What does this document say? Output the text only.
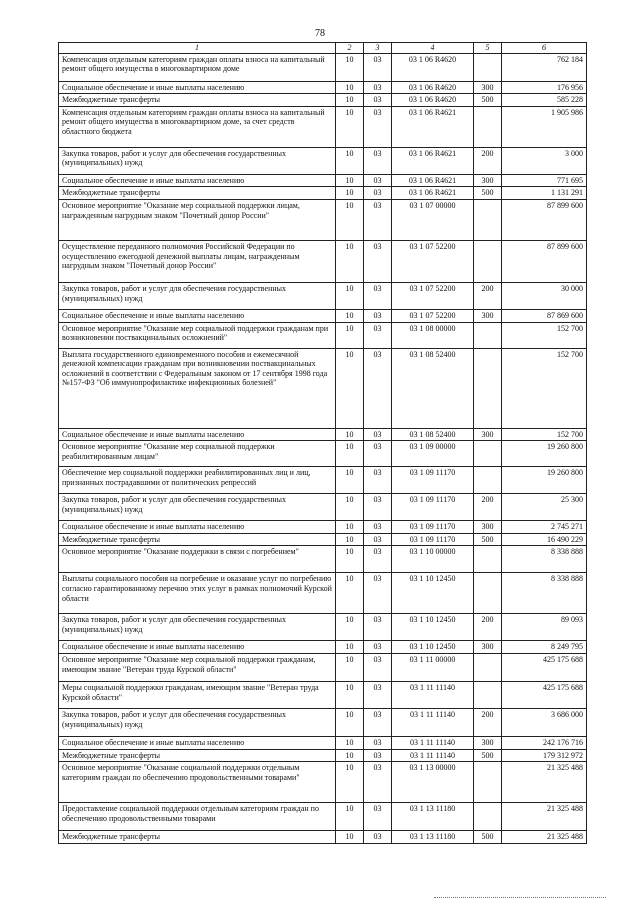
78
1	2	3	4	5	6
Компенсация отдельным категориям граждан оплаты взноса на капитальный ремонт общего имущества в многоквартирном доме	10	03	03 1 06 R4620		762 184
Социальное обеспечение и иные выплаты населению	10	03	03 1 06 R4620	300	176 956
Межбюджетные трансферты	10	03	03 1 06 R4620	500	585 228
Компенсация отдельным категориям граждан оплаты взноса на капитальный ремонт общего имущества в многоквартирном доме, за счет средств областного бюджета	10	03	03 1 06 R4621		1 905 986
Закупка товаров, работ и услуг для обеспечения государственных (муниципальных) нужд	10	03	03 1 06 R4621	200	3 000
Социальное обеспечение и иные выплаты населению	10	03	03 1 06 R4621	300	771 695
Межбюджетные трансферты	10	03	03 1 06 R4621	500	1 131 291
Основное мероприятие "Оказание мер социальной поддержки лицам, награжденным нагрудным знаком "Почетный донор России"	10	03	03 1 07 00000		87 899 600
Осуществление переданного полномочия Российской Федерации по осуществлению ежегодной денежной выплаты лицам, награжденным нагрудным знаком "Почетный донор России"	10	03	03 1 07 52200		87 899 600
Закупка товаров, работ и услуг для обеспечения государственных (муниципальных) нужд	10	03	03 1 07 52200	200	30 000
Социальное обеспечение и иные выплаты населению	10	03	03 1 07 52200	300	87 869 600
Основное мероприятие "Оказание мер социальной поддержки гражданам при возникновении поствакцинальных осложнений"	10	03	03 1 08 00000		152 700
Выплата государственного единовременного пособия и ежемесячной денежной компенсации гражданам при возникновении поствакцинальных осложнений в соответствии с Федеральным законом от 17 сентября 1998 года №157-ФЗ "Об иммунопрофилактике инфекционных болезней"	10	03	03 1 08 52400		152 700
Социальное обеспечение и иные выплаты населению	10	03	03 1 08 52400	300	152 700
Основное мероприятие "Оказание мер социальной поддержки реабилитированным лицам"	10	03	03 1 09 00000		19 260 800
Обеспечение мер социальной поддержки реабилитированных лиц и лиц, признанных пострадавшими от политических репрессий	10	03	03 1 09 11170		19 260 800
Закупка товаров, работ и услуг для обеспечения государственных (муниципальных) нужд	10	03	03 1 09 11170	200	25 300
Социальное обеспечение и иные выплаты населению	10	03	03 1 09 11170	300	2 745 271
Межбюджетные трансферты	10	03	03 1 09 11170	500	16 490 229
Основное мероприятие "Оказание поддержки в связи с погребением"	10	03	03 1 10 00000		8 338 888
Выплаты социального пособия на погребение и оказание услуг по погребению согласно гарантированному перечню этих услуг в рамках полномочий Курской области	10	03	03 1 10 12450		8 338 888
Закупка товаров, работ и услуг для обеспечения государственных (муниципальных) нужд	10	03	03 1 10 12450	200	89 093
Социальное обеспечение и иные выплаты населению	10	03	03 1 10 12450	300	8 249 795
Основное мероприятие "Оказание мер социальной поддержки гражданам, имеющим звание "Ветеран труда Курской области"	10	03	03 1 11 00000		425 175 688
Меры социальной поддержки гражданам, имеющим звание "Ветеран труда Курской области"	10	03	03 1 11 11140		425 175 688
Закупка товаров, работ и услуг для обеспечения государственных (муниципальных) нужд	10	03	03 1 11 11140	200	3 686 000
Социальное обеспечение и иные выплаты населению	10	03	03 1 11 11140	300	242 176 716
Межбюджетные трансферты	10	03	03 1 11 11140	500	179 312 972
Основное мероприятие "Оказание социальной поддержки отдельным категориям граждан по обеспечению продовольственными товарами"	10	03	03 1 13 00000		21 325 488
Предоставление социальной поддержки отдельным категориям граждан по обеспечению продовольственными товарами	10	03	03 1 13 11180		21 325 488
Межбюджетные трансферты	10	03	03 1 13 11180	500	21 325 488
